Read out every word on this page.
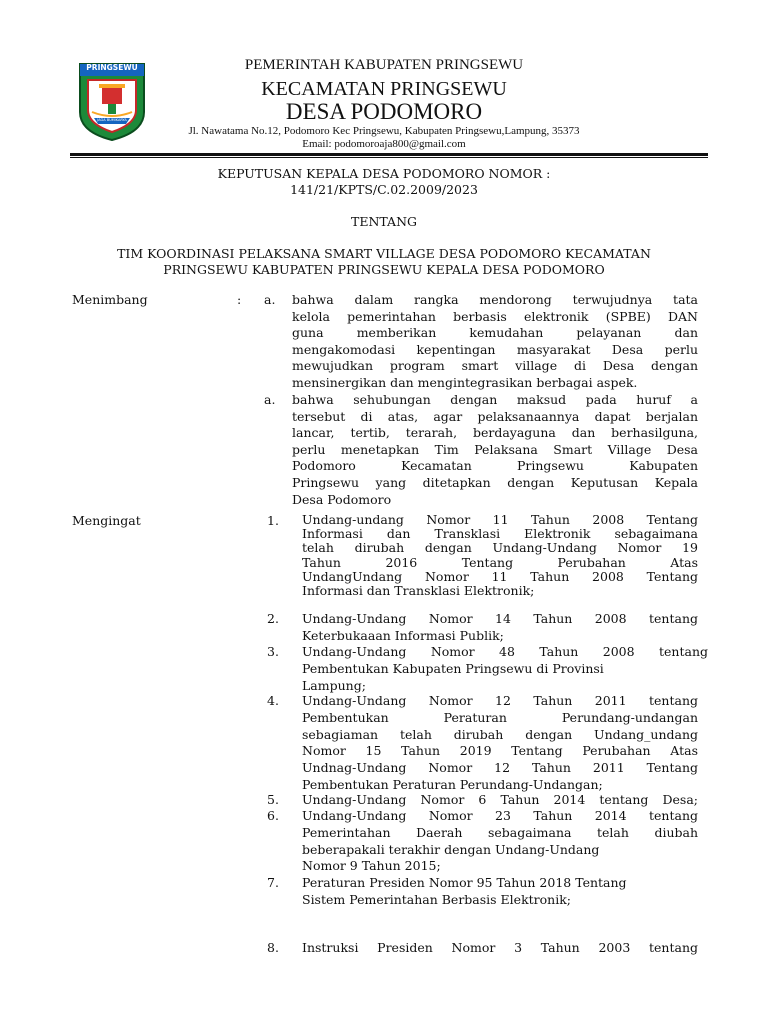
PRINGSEWU
JAGA BUMIKARYA
PEMERINTAH KABUPATEN PRINGSEWU
KECAMATAN PRINGSEWU
DESA PODOMORO
Jl. Nawatama No.12, Podomoro Kec Pringsewu, Kabupaten Pringsewu,Lampung, 35373
Email: podomoroaja800@gmail.com
KEPUTUSAN KEPALA DESA PODOMORO NOMOR :
141/21/KPTS/C.02.2009/2023
TENTANG
TIM KOORDINASI PELAKSANA SMART VILLAGE DESA PODOMORO KECAMATAN
PRINGSEWU KABUPATEN PRINGSEWU KEPALA DESA PODOMORO
Menimbang	: a. bahwa dalam rangka mendorong terwujudnya tata
kelola pemerintahan berbasis elektronik (SPBE) DAN
guna memberikan kemudahan pelayanan dan
mengakomodasi kepentingan masyarakat Desa perlu
mewujudkan program smart village di Desa dengan
mensinergikan dan mengintegrasikan berbagai aspek.
a. bahwa sehubungan dengan maksud pada huruf a
tersebut di atas, agar pelaksanaannya dapat berjalan
lancar, tertib, terarah, berdayaguna dan berhasilguna,
perlu menetapkan Tim Pelaksana Smart Village Desa
Podomoro Kecamatan Pringsewu Kabupaten
Pringsewu yang ditetapkan dengan Keputusan Kepala
Desa Podomoro
Mengingat	1. Undang-undang Nomor 11 Tahun 2008 Tentang
Informasi dan Transklasi Elektronik sebagaimana
telah dirubah dengan Undang-Undang Nomor 19
Tahun 2016 Tentang Perubahan Atas
UndangUndang Nomor 11 Tahun 2008 Tentang
Informasi dan Transklasi Elektronik;
2. Undang-Undang Nomor 14 Tahun 2008 tentang
Keterbukaaan Informasi Publik;
3. Undang-Undang Nomor 48 Tahun 2008 tentang
Pembentukan Kabupaten Pringsewu di Provinsi
Lampung;
4. Undang-Undang Nomor 12 Tahun 2011 tentang
Pembentukan Peraturan Perundang-undangan
sebagiaman telah dirubah dengan Undang_undang
Nomor 15 Tahun 2019 Tentang Perubahan Atas
Undnag-Undang Nomor 12 Tahun 2011 Tentang
Pembentukan Peraturan Perundang-Undangan;
5. Undang-Undang Nomor 6 Tahun 2014 tentang Desa;
6. Undang-Undang Nomor 23 Tahun 2014 tentang
Pemerintahan Daerah sebagaimana telah diubah
beberapakali terakhir dengan Undang-Undang
Nomor 9 Tahun 2015;
7. Peraturan Presiden Nomor 95 Tahun 2018 Tentang
Sistem Pemerintahan Berbasis Elektronik;
8. Instruksi Presiden Nomor 3 Tahun 2003 tentang
